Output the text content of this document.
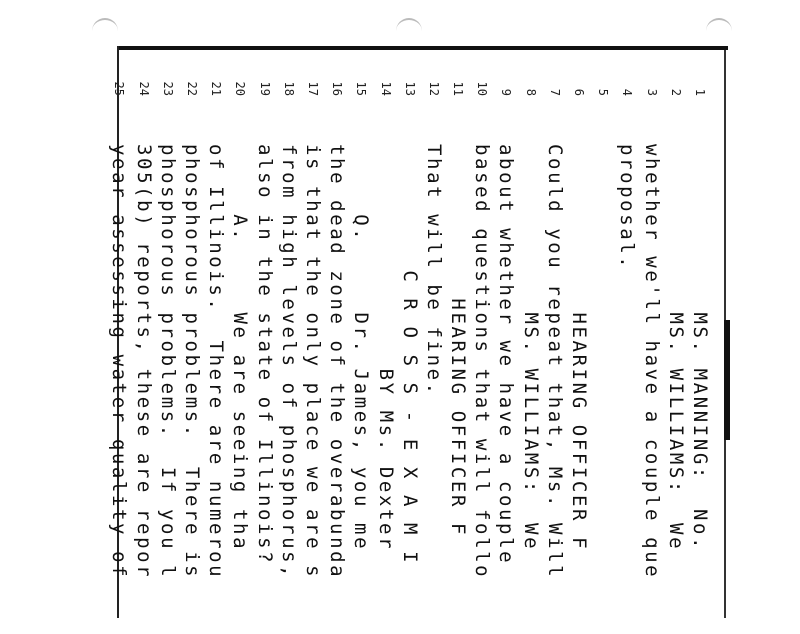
1
MS. MANNING:  No.
2
MS. WILLIAMS:  We
3
whether we'll have a couple que
4
proposal.
5
6
HEARING OFFICER F
7
Could you repeat that, Ms. Will
8
MS. WILLIAMS:  We
9
about whether we have a couple
10
based questions that will follo
11
HEARING OFFICER F
12
That will be fine.
13
C R O S S - E X A M I
14
BY Ms. Dexter
15
Q.     Dr. James, you me
16
the dead zone of the overabunda
17
is that the only place we are s
18
from high levels of phosphorus,
19
also in the state of Illinois?
20
A.     We are seeing tha
21
of Illinois.  There are numerou
22
phosphorous problems.  There is
23
phosphorous problems.  If you l
24
305(b) reports, these are repor
25
year assessing water quality of
